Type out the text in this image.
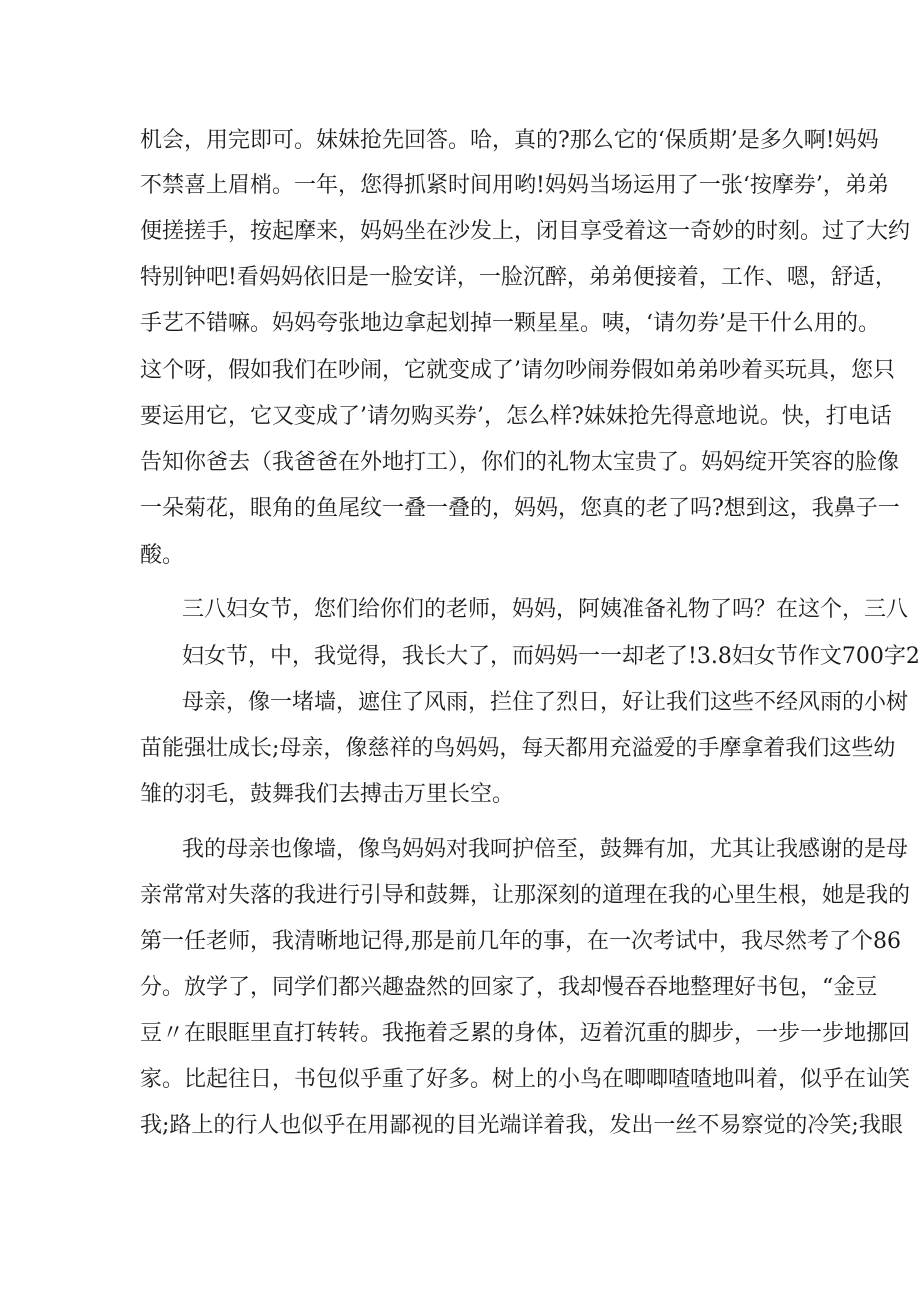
机会，用完即可。妹妹抢先回答。哈，真的?那么它的‘保质期’是多久啊!妈妈
不禁喜上眉梢。一年，您得抓紧时间用哟!妈妈当场运用了一张‘按摩券’，弟弟
便搓搓手，按起摩来，妈妈坐在沙发上，闭目享受着这一奇妙的时刻。过了大约
特别钟吧!看妈妈依旧是一脸安详，一脸沉醉，弟弟便接着，工作、嗯，舒适，
手艺不错嘛。妈妈夸张地边拿起划掉一颗星星。咦，‘请勿券’是干什么用的。
这个呀，假如我们在吵闹，它就变成了’请勿吵闹券假如弟弟吵着买玩具，您只
要运用它，它又变成了’请勿购买券’，怎么样?妹妹抢先得意地说。快，打电话
告知你爸去（我爸爸在外地打工），你们的礼物太宝贵了。妈妈绽开笑容的脸像
一朵菊花，眼角的鱼尾纹一叠一叠的，妈妈，您真的老了吗?想到这，我鼻子一
酸。
三八妇女节，您们给你们的老师，妈妈，阿姨准备礼物了吗？在这个，三八
妇女节，中，我觉得，我长大了，而妈妈一一却老了!3.8妇女节作文700字2
母亲，像一堵墙，遮住了风雨，拦住了烈日，好让我们这些不经风雨的小树
苗能强壮成长;母亲，像慈祥的鸟妈妈，每天都用充溢爱的手摩拿着我们这些幼
雏的羽毛，鼓舞我们去搏击万里长空。
我的母亲也像墙，像鸟妈妈对我呵护倍至，鼓舞有加，尤其让我感谢的是母
亲常常对失落的我进行引导和鼓舞，让那深刻的道理在我的心里生根，她是我的
第一任老师，我清晰地记得,那是前几年的事，在一次考试中，我尽然考了个86
分。放学了，同学们都兴趣盎然的回家了，我却慢吞吞地整理好书包，“金豆
豆〃在眼眶里直打转转。我拖着乏累的身体，迈着沉重的脚步，一步一步地挪回
家。比起往日，书包似乎重了好多。树上的小鸟在唧唧喳喳地叫着，似乎在讪笑
我;路上的行人也似乎在用鄙视的目光端详着我，发出一丝不易察觉的冷笑;我眼
